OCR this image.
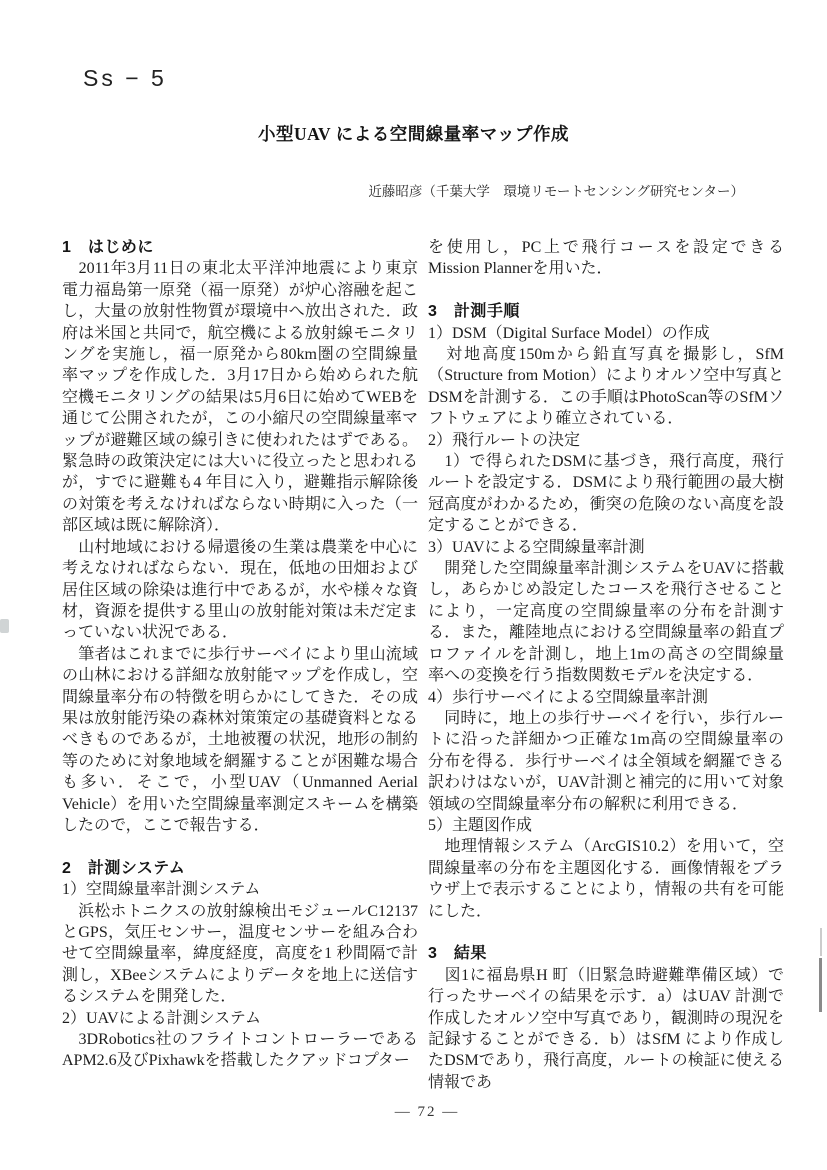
Ss − 5
小型UAV による空間線量率マップ作成
近藤昭彦（千葉大学　環境リモートセンシング研究センター）

1　はじめに

　2011年3月11日の東北太平洋沖地震により東京電力福島第一原発（福一原発）が炉心溶融を起こし，大量の放射性物質が環境中へ放出された．政府は米国と共同で，航空機による放射線モニタリングを実施し，福一原発から80km圏の空間線量率マップを作成した．3月17日から始められた航空機モニタリングの結果は5月6日に始めてWEBを通じて公開されたが，この小縮尺の空間線量率マップが避難区域の線引きに使われたはずである。緊急時の政策決定には大いに役立ったと思われるが，すでに避難も4 年目に入り，避難指示解除後の対策を考えなければならない時期に入った（一部区域は既に解除済）．

　山村地域における帰還後の生業は農業を中心に考えなければならない．現在，低地の田畑および居住区域の除染は進行中であるが，水や様々な資材，資源を提供する里山の放射能対策は未だ定まっていない状況である．

　筆者はこれまでに歩行サーベイにより里山流域の山林における詳細な放射能マップを作成し，空間線量率分布の特徴を明らかにしてきた．その成果は放射能汚染の森林対策策定の基礎資料となるべきものであるが，土地被覆の状況，地形の制約等のために対象地域を網羅することが困難な場合も多い．そこで，小型UAV（Unmanned Aerial Vehicle）を用いた空間線量率測定スキームを構築したので，ここで報告する．

2　計測システム

1）空間線量率計測システム

　浜松ホトニクスの放射線検出モジュールC12137とGPS，気圧センサー，温度センサーを組み合わせて空間線量率，緯度経度，高度を1 秒間隔で計測し，XBeeシステムによりデータを地上に送信するシステムを開発した．

2）UAVによる計測システム

　3DRobotics社のフライトコントローラーであるAPM2.6及びPixhawkを搭載したクアッドコプター

を使用し，PC上で飛行コースを設定できるMission Plannerを用いた．

3　計測手順

1）DSM（Digital Surface Model）の作成

　対地高度150mから鉛直写真を撮影し，SfM（Structure from Motion）によりオルソ空中写真とDSMを計測する．この手順はPhotoScan等のSfMソフトウェアにより確立されている．

2）飛行ルートの決定

　1）で得られたDSMに基づき，飛行高度，飛行ルートを設定する．DSMにより飛行範囲の最大樹冠高度がわかるため，衝突の危険のない高度を設定することができる．

3）UAVによる空間線量率計測

　開発した空間線量率計測システムをUAVに搭載し，あらかじめ設定したコースを飛行させることにより，一定高度の空間線量率の分布を計測する．また，離陸地点における空間線量率の鉛直プロファイルを計測し，地上1mの高さの空間線量率への変換を行う指数関数モデルを決定する．

4）歩行サーベイによる空間線量率計測

　同時に，地上の歩行サーベイを行い，歩行ルートに沿った詳細かつ正確な1m高の空間線量率の分布を得る．歩行サーベイは全領域を網羅できる訳わけはないが，UAV計測と補完的に用いて対象領域の空間線量率分布の解釈に利用できる．

5）主題図作成

　地理情報システム（ArcGIS10.2）を用いて，空間線量率の分布を主題図化する．画像情報をブラウザ上で表示することにより，情報の共有を可能にした．

3　結果

　図1に福島県H 町（旧緊急時避難準備区域）で行ったサーベイの結果を示す．a）はUAV 計測で作成したオルソ空中写真であり，観測時の現況を記録することができる．b）はSfM により作成したDSMであり，飛行高度，ルートの検証に使える情報であ

— 72 —
